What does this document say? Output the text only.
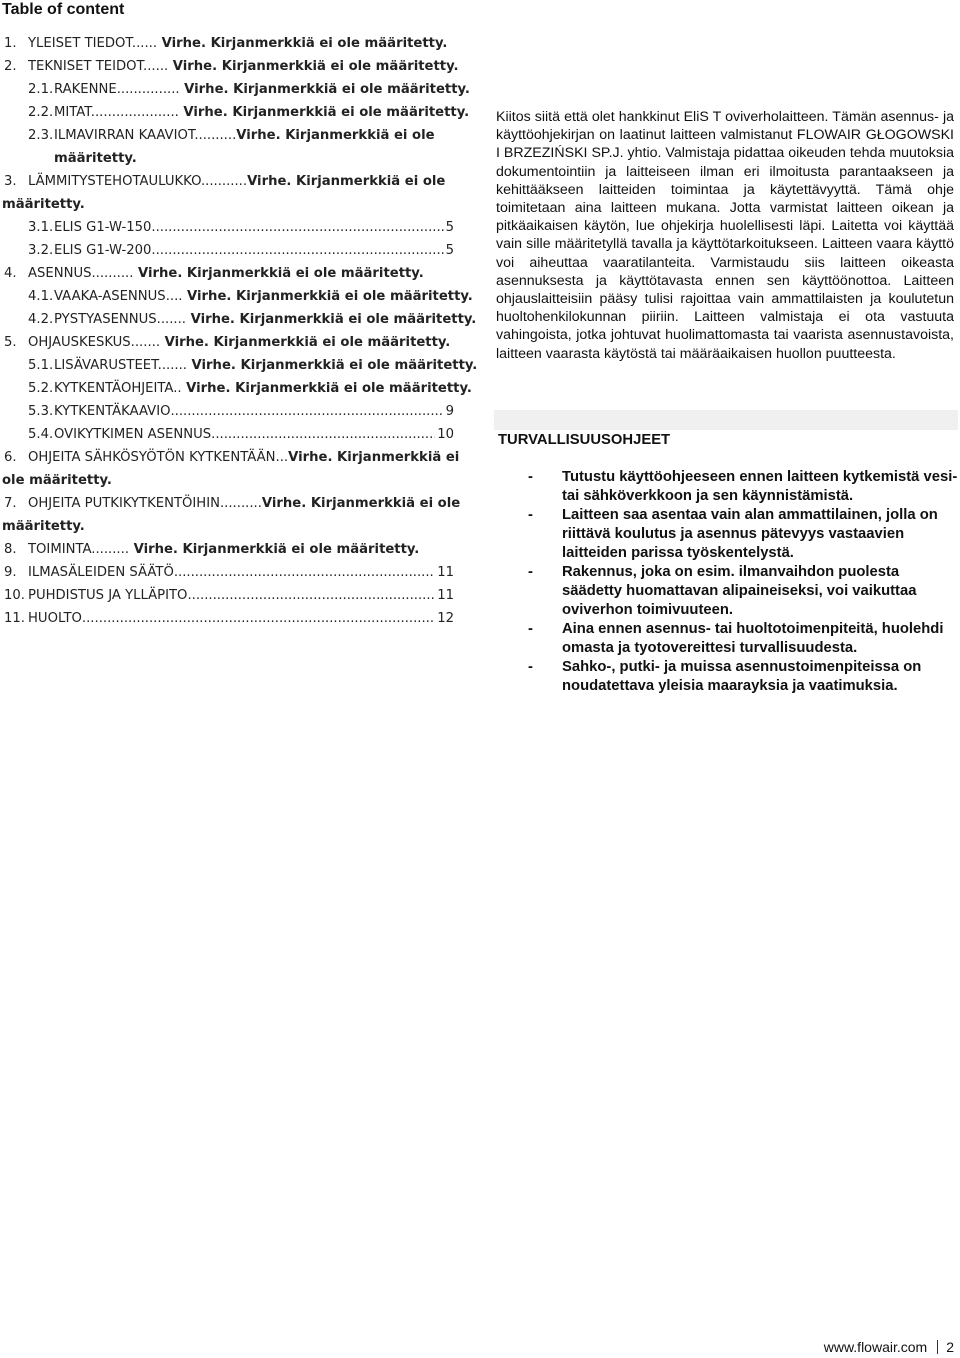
Table of content
1. YLEISET TIEDOT...... Virhe. Kirjanmerkkiä ei ole määritetty.
2. TEKNISET TEIDOT...... Virhe. Kirjanmerkkiä ei ole määritetty.
2.1.RAKENNE............... Virhe. Kirjanmerkkiä ei ole määritetty.
2.2.MITAT..................... Virhe. Kirjanmerkkiä ei ole määritetty.
2.3.ILMAVIRRAN KAAVIOT..........Virhe. Kirjanmerkkiä ei ole
määritetty.
3. LÄMMITYSTEHOTAULUKKO...........Virhe. Kirjanmerkkiä ei ole
määritetty.
3.1. ELIS G1-W-150 .....	5
3.2. ELIS G1-W-200 .....	5
4. ASENNUS.......... Virhe. Kirjanmerkkiä ei ole määritetty.
4.1.VAAKA-ASENNUS.... Virhe. Kirjanmerkkiä ei ole määritetty.
4.2.PYSTYASENNUS....... Virhe. Kirjanmerkkiä ei ole määritetty.
5. OHJAUSKESKUS....... Virhe. Kirjanmerkkiä ei ole määritetty.
5.1.LISÄVARUSTEET....... Virhe. Kirjanmerkkiä ei ole määritetty.
5.2.KYTKENTÄOHJEITA.. Virhe. Kirjanmerkkiä ei ole määritetty.
5.3. KYTKENTÄKAAVIO .....	9
5.4. OVIKYTKIMEN ASENNUS .....	10
6. OHJEITA SÄHKÖSYÖTÖN KYTKENTÄÄN...Virhe. Kirjanmerkkiä ei
ole määritetty.
7. OHJEITA PUTKIKYTKENTÖIHIN..........Virhe. Kirjanmerkkiä ei ole
määritetty.
8. TOIMINTA......... Virhe. Kirjanmerkkiä ei ole määritetty.
9. ILMASÄLEIDEN SÄÄTÖ .....	11
10. PUHDISTUS JA YLLÄPITO .....	11
11. HUOLTO .....	12
Kiitos siitä että olet hankkinut EliS T oviverholaitteen. Tämän asennus- ja käyttöohjekirjan on laatinut laitteen valmistanut FLOWAIR GŁOGOWSKI I BRZEZIŃSKI SP.J. yhtio. Valmistaja pidattaa oikeuden tehda muutoksia dokumentointiin ja laitteiseen ilman eri ilmoitusta parantaakseen ja kehittääkseen laitteiden toimintaa ja käytettävyyttä. Tämä ohje toimitetaan aina laitteen mukana. Jotta varmistat laitteen oikean ja pitkäaikaisen käytön, lue ohjekirja huolellisesti läpi. Laitetta voi käyttää vain sille määritetyllä tavalla ja käyttötarkoitukseen. Laitteen vaara käyttö voi aiheuttaa vaaratilanteita. Varmistaudu siis laitteen oikeasta asennuksesta ja käyttötavasta ennen sen käyttöönottoa. Laitteen ohjauslaitteisiin pääsy tulisi rajoittaa vain ammattilaisten ja koulutetun huoltohenkilokunnan piiriin. Laitteen valmistaja ei ota vastuuta vahingoista, jotka johtuvat huolimattomasta tai vaarista asennustavoista, laitteen vaarasta käytöstä tai määräaikaisen huollon puutteesta.
TURVALLISUUSOHJEET
- Tutustu käyttöohjeeseen ennen laitteen kytkemistä vesi- tai sähköverkkoon ja sen käynnistämistä.
- Laitteen saa asentaa vain alan ammattilainen, jolla on riittävä koulutus ja asennus pätevyys vastaavien laitteiden parissa työskentelystä.
- Rakennus, joka on esim. ilmanvaihdon puolesta säädetty huomattavan alipaineiseksi, voi vaikuttaa oviverhon toimivuuteen.
- Aina ennen asennus- tai huoltotoimenpiteitä, huolehdi omasta ja tyotovereittesi turvallisuudesta.
- Sahko-, putki- ja muissa asennustoimenpiteissa on noudatettava yleisia maarayksia ja vaatimuksia.
www.flowair.com 2
